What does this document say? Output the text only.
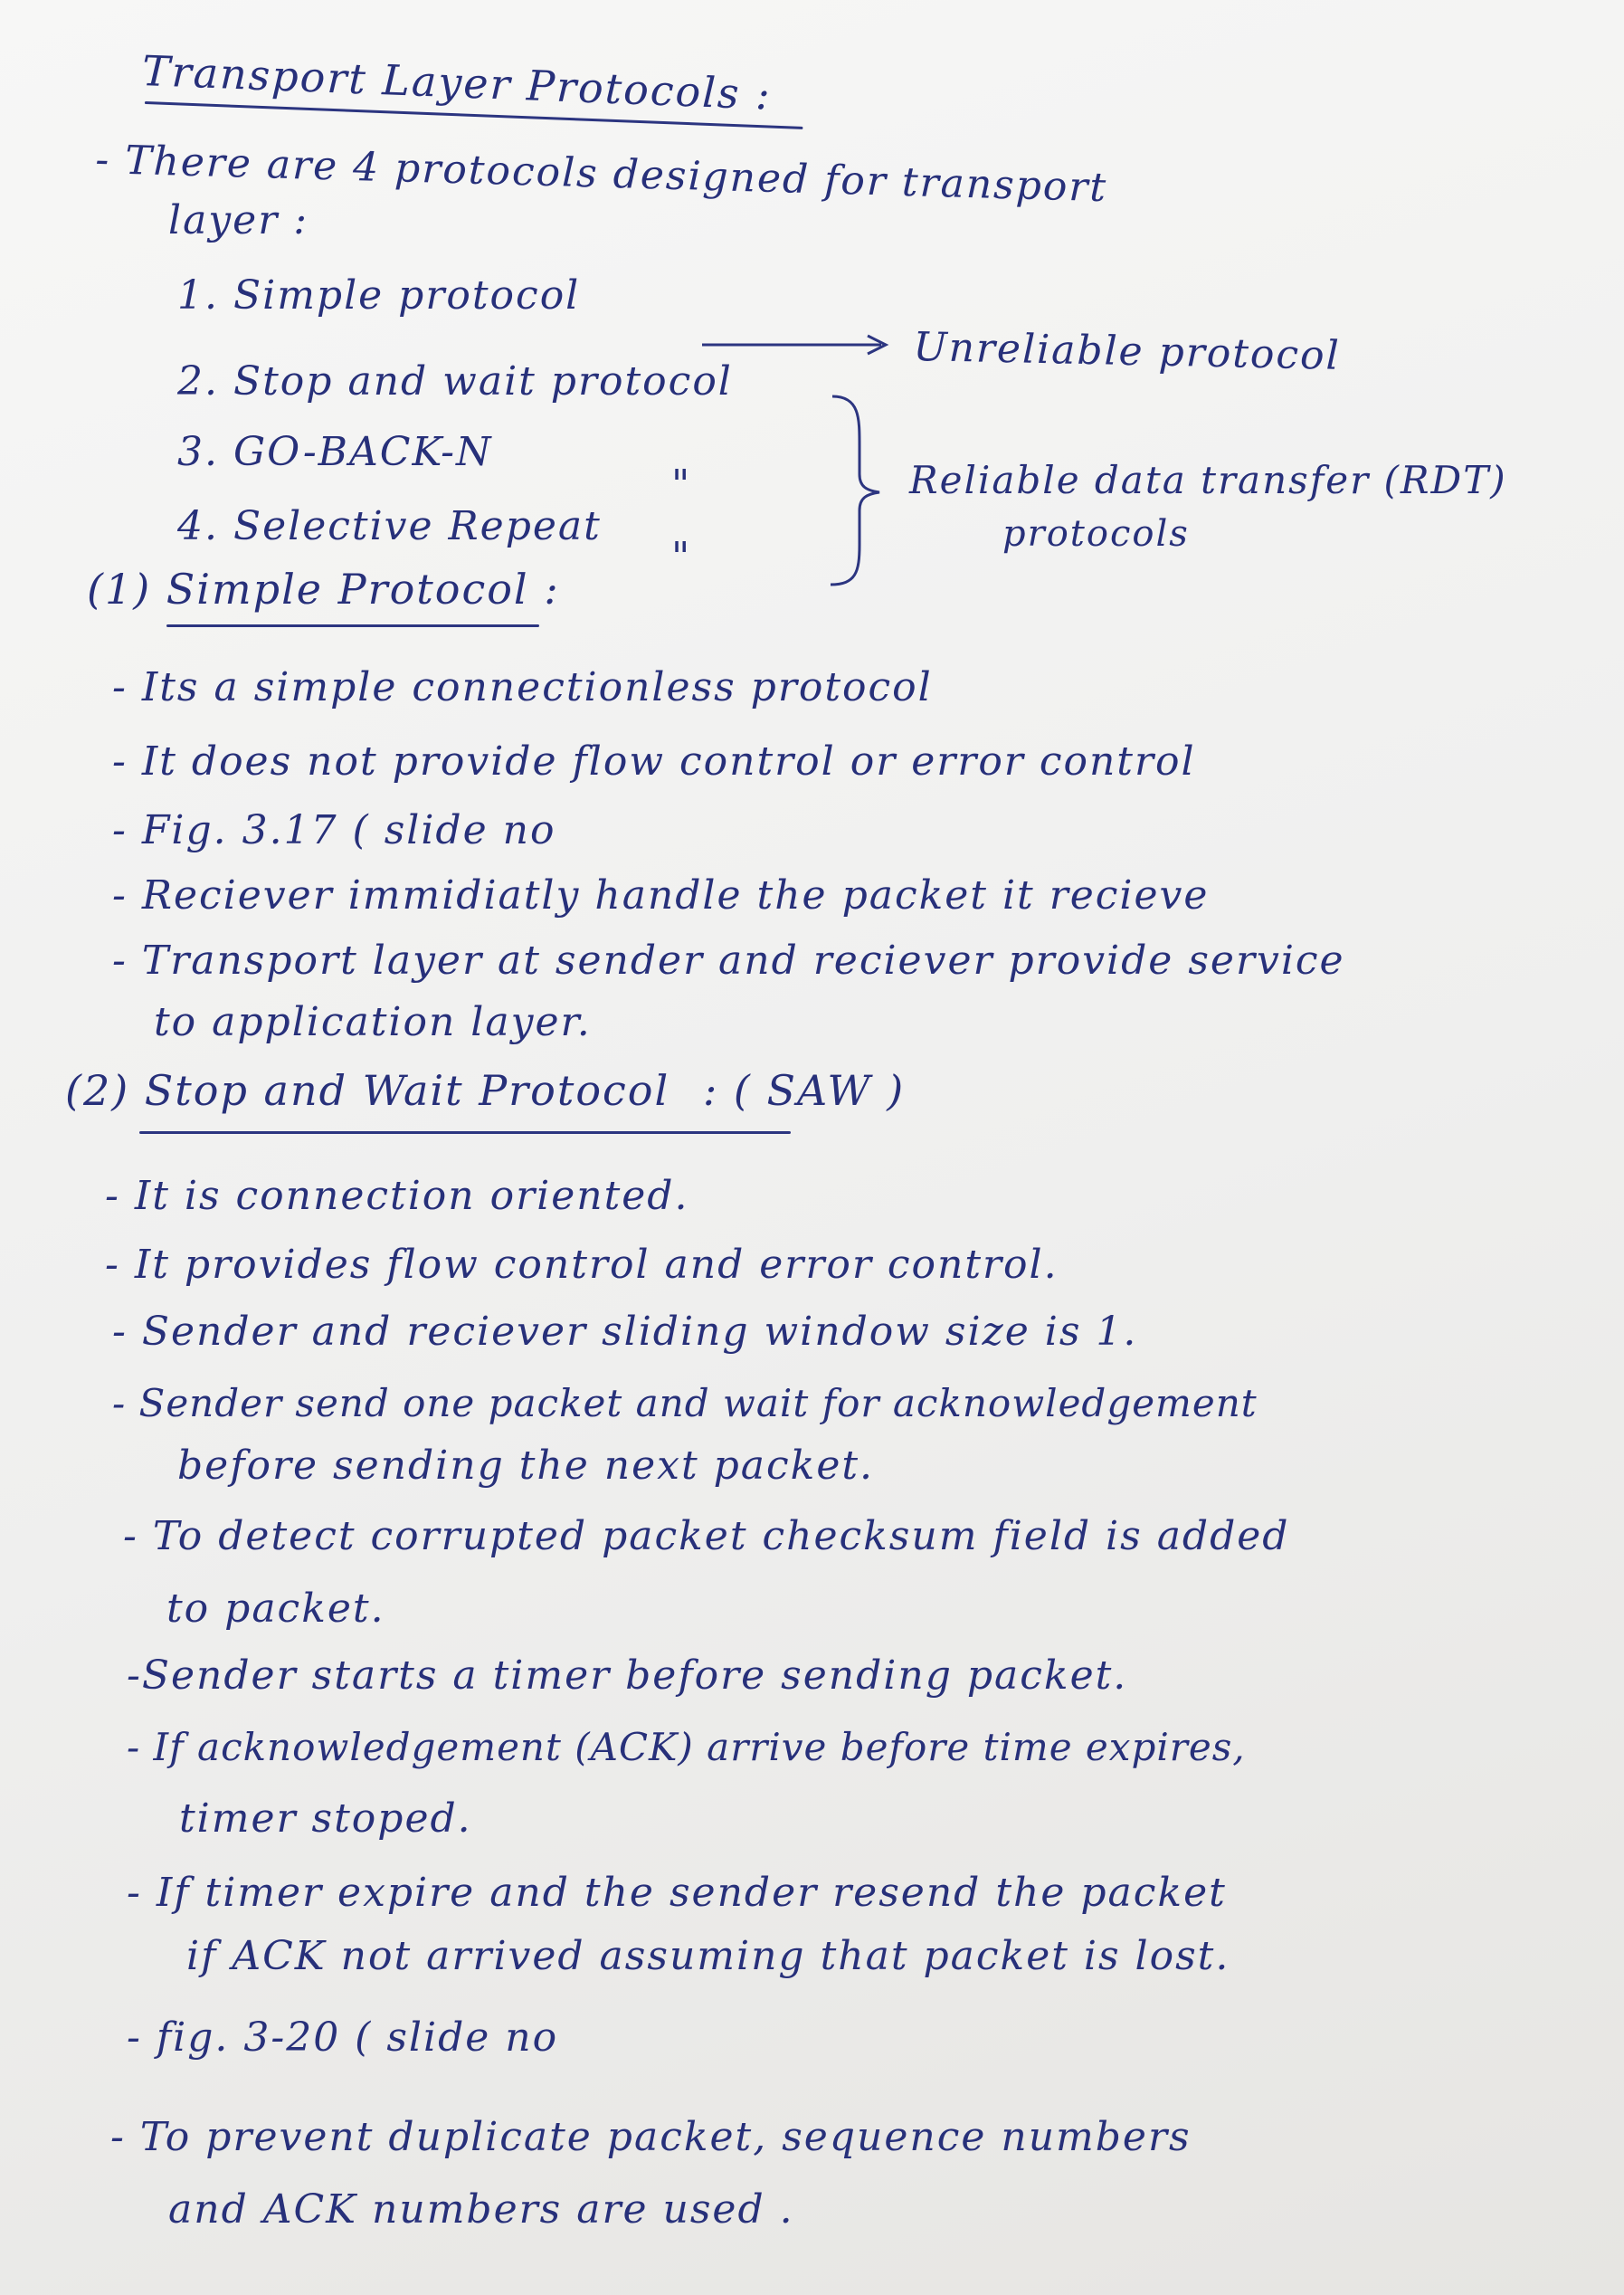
Transport Layer Protocols :
- There are 4 protocols designed for transport
layer :
1. Simple protocol
2. Stop and wait protocol
3. GO-BACK-N
"
4. Selective Repeat
"
Unreliable protocol
Reliable data transfer (RDT)
protocols
(1) Simple Protocol :
- Its a simple connectionless protocol
- It does not provide flow control or error control
- Fig. 3.17 ( slide no
- Reciever immidiatly handle the packet it recieve
- Transport layer at sender and reciever provide service
to application layer.
(2) Stop and Wait Protocol : ( SAW )
- It is connection oriented.
- It provides flow control and error control.
- Sender and reciever sliding window size is 1.
- Sender send one packet and wait for acknowledgement
before sending the next packet.
- To detect corrupted packet checksum field is added
to packet.
-Sender starts a timer before sending packet.
- If acknowledgement (ACK) arrive before time expires,
timer stoped.
- If timer expire and the sender resend the packet
if ACK not arrived assuming that packet is lost.
- fig. 3-20 ( slide no
- To prevent duplicate packet, sequence numbers
and ACK numbers are used .
